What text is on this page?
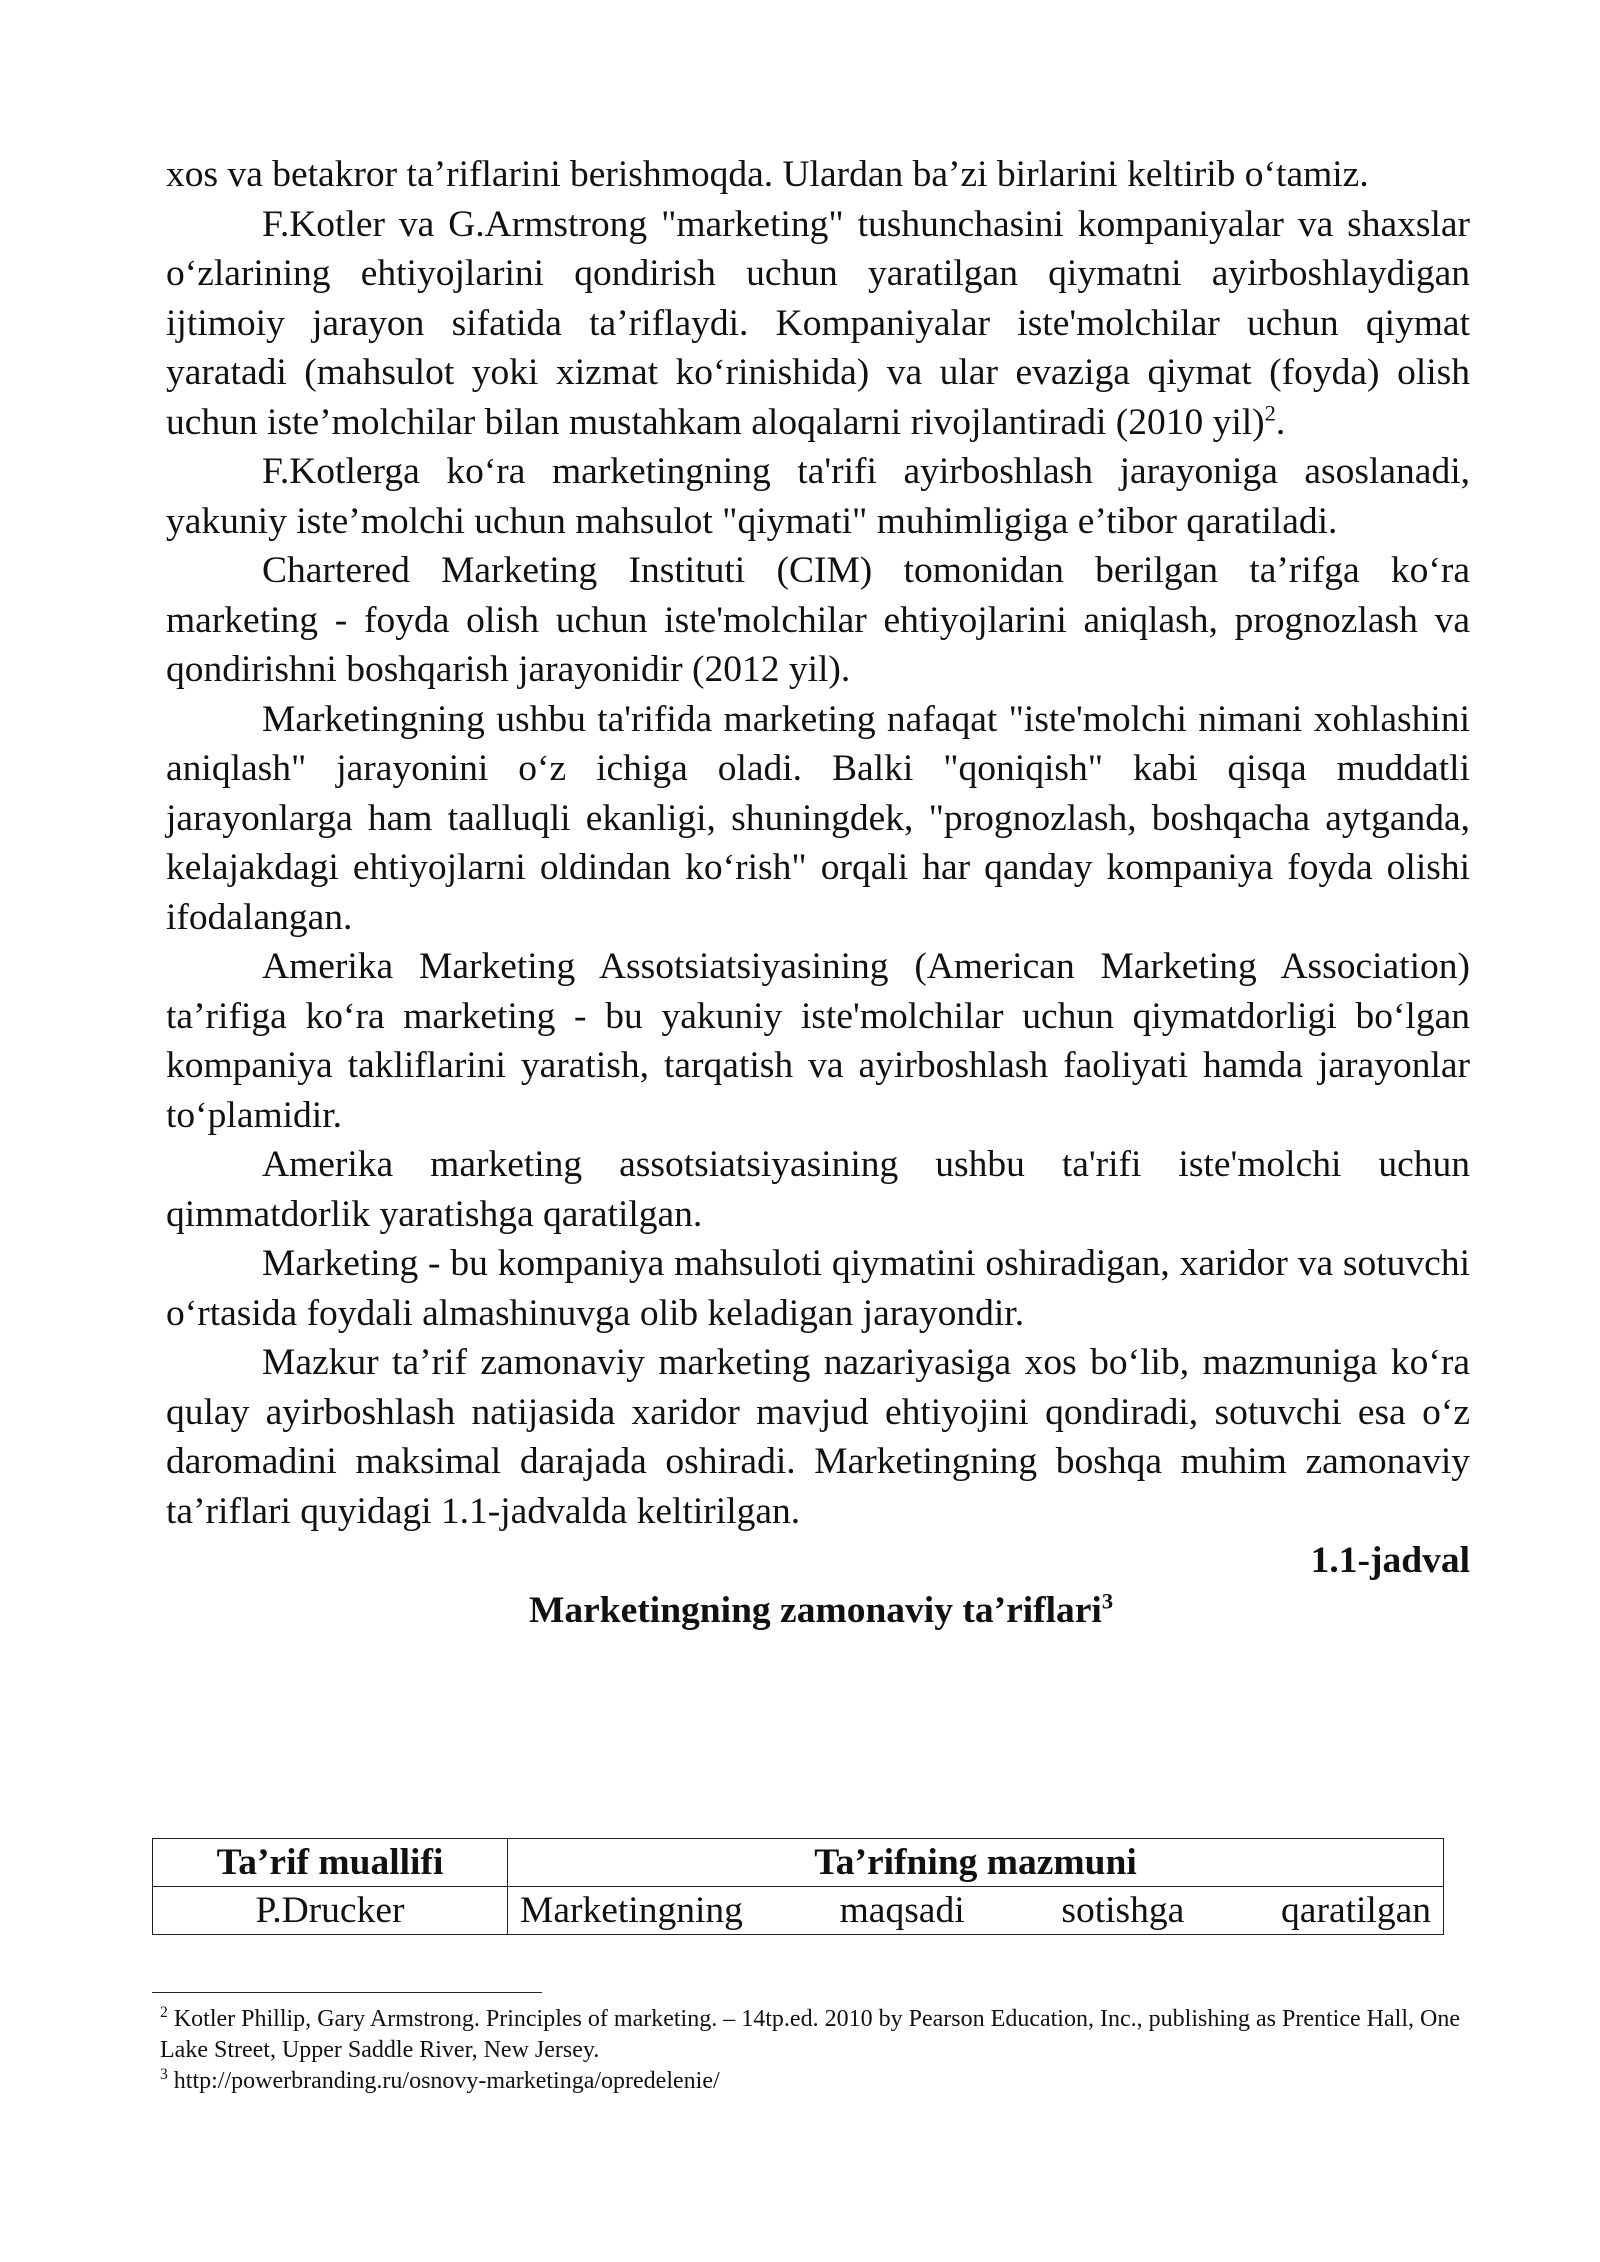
xos va betakror ta’riflarini berishmoqda. Ulardan ba’zi birlarini keltirib o‘tamiz.

F.Kotler va G.Armstrong "marketing" tushunchasini kompaniyalar va shaxslar o‘zlarining ehtiyojlarini qondirish uchun yaratilgan qiymatni ayirboshlaydigan ijtimoiy jarayon sifatida ta’riflaydi. Kompaniyalar iste'molchilar uchun qiymat yaratadi (mahsulot yoki xizmat ko‘rinishida) va ular evaziga qiymat (foyda) olish uchun iste’molchilar bilan mustahkam aloqalarni rivojlantiradi (2010 yil)$^2$.

F.Kotlerga ko‘ra marketingning ta'rifi ayirboshlash jarayoniga asoslanadi, yakuniy iste’molchi uchun mahsulot "qiymati" muhimligiga e’tibor qaratiladi.

Chartered Marketing Instituti (CIM) tomonidan berilgan ta’rifga ko‘ra marketing - foyda olish uchun iste'molchilar ehtiyojlarini aniqlash, prognozlash va qondirishni boshqarish jarayonidir (2012 yil).

Marketingning ushbu ta'rifida marketing nafaqat "iste'molchi nimani xohlashini aniqlash" jarayonini o‘z ichiga oladi. Balki "qoniqish" kabi qisqa muddatli jarayonlarga ham taalluqli ekanligi, shuningdek, "prognozlash, boshqacha aytganda, kelajakdagi ehtiyojlarni oldindan ko‘rish" orqali har qanday kompaniya foyda olishi ifodalangan.

Amerika Marketing Assotsiatsiyasining (American Marketing Association) ta’rifiga ko‘ra marketing - bu yakuniy iste'molchilar uchun qiymatdorligi bo‘lgan kompaniya takliflarini yaratish, tarqatish va ayirboshlash faoliyati hamda jarayonlar to‘plamidir.

Amerika marketing assotsiatsiyasining ushbu ta'rifi iste'molchi uchun qimmatdorlik yaratishga qaratilgan.

Marketing - bu kompaniya mahsuloti qiymatini oshiradigan, xaridor va sotuvchi o‘rtasida foydali almashinuvga olib keladigan jarayondir.

Mazkur ta’rif zamonaviy marketing nazariyasiga xos bo‘lib, mazmuniga ko‘ra qulay ayirboshlash natijasida xaridor mavjud ehtiyojini qondiradi, sotuvchi esa o‘z daromadini maksimal darajada oshiradi. Marketingning boshqa muhim zamonaviy ta’riflari quyidagi 1.1-jadvalda keltirilgan.

1.1-jadval

Marketingning zamonaviy ta’riflari$^3$

Ta’rif muallifi	Ta’rifning mazmuni
P.Drucker	Marketingning maqsadi sotishga qaratilgan

$^2$ Kotler Phillip, Gary Armstrong. Principles of marketing. – 14tp.ed. 2010 by Pearson Education, Inc., publishing as Prentice Hall, One Lake Street, Upper Saddle River, New Jersey.

$^3$ http://powerbranding.ru/osnovy-marketinga/opredelenie/
